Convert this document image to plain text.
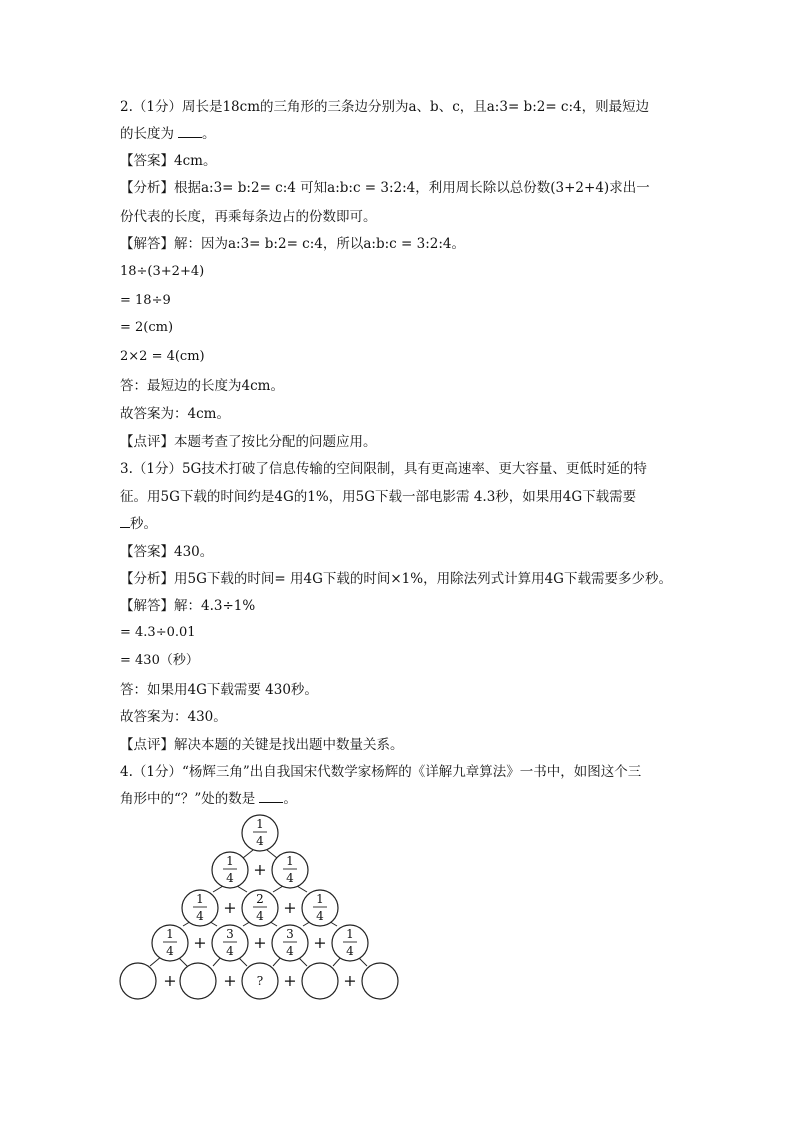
2.（1分）周长是18cm的三角形的三条边分别为a、b、c，且a:3= b:2= c:4，则最短边
的长度为 。
【答案】4cm。
【分析】根据a:3= b:2= c:4 可知a:b:c = 3:2:4，利用周长除以总份数(3+2+4)求出一
份代表的长度，再乘每条边占的份数即可。
【解答】解：因为a:3= b:2= c:4，所以a:b:c = 3:2:4。
18÷(3+2+4)
= 18÷9
= 2(cm)
2×2 = 4(cm)
答：最短边的长度为4cm。
故答案为：4cm。
【点评】本题考查了按比分配的问题应用。
3.（1分）5G技术打破了信息传输的空间限制，具有更高速率、更大容量、更低时延的特
征。用5G下载的时间约是4G的1%，用5G下载一部电影需 4.3秒，如果用4G下载需要
秒。
【答案】430。
【分析】用5G下载的时间= 用4G下载的时间×1%，用除法列式计算用4G下载需要多少秒。
【解答】解：4.3÷1%
= 4.3÷0.01
= 430（秒）
答：如果用4G下载需要 430秒。
故答案为：430。
【点评】解决本题的关键是找出题中数量关系。
4.（1分）“杨辉三角”出自我国宋代数学家杨辉的《详解九章算法》一书中，如图这个三
角形中的“？”处的数是 。
1
4
1
4 + 1
4
1
4 + 2
4 + 1
4
1
4 + 3
4 + 3
4 + 1
4
+	+ ? +	+
